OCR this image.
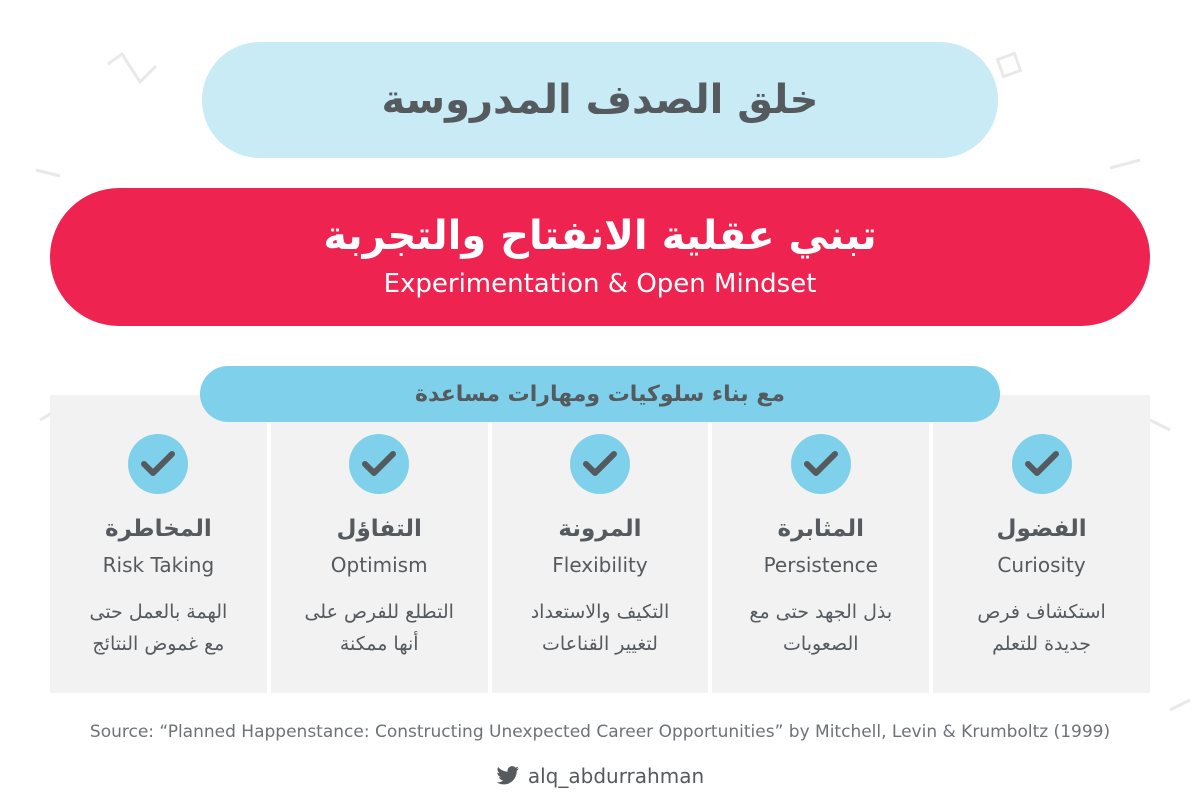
خلق الصدف المدروسة
تبني عقلية الانفتاح والتجربة
Experimentation & Open Mindset
المخاطرة
Risk Taking
الهمة بالعمل حتى
مع غموض النتائج
التفاؤل
Optimism
التطلع للفرص على
أنها ممكنة
المرونة
Flexibility
التكيف والاستعداد
لتغيير القناعات
المثابرة
Persistence
بذل الجهد حتى مع
الصعوبات
الفضول
Curiosity
استكشاف فرص
جديدة للتعلم
مع بناء سلوكيات ومهارات مساعدة
Source: “Planned Happenstance: Constructing Unexpected Career Opportunities” by Mitchell, Levin & Krumboltz (1999)
alq_abdurrahman
